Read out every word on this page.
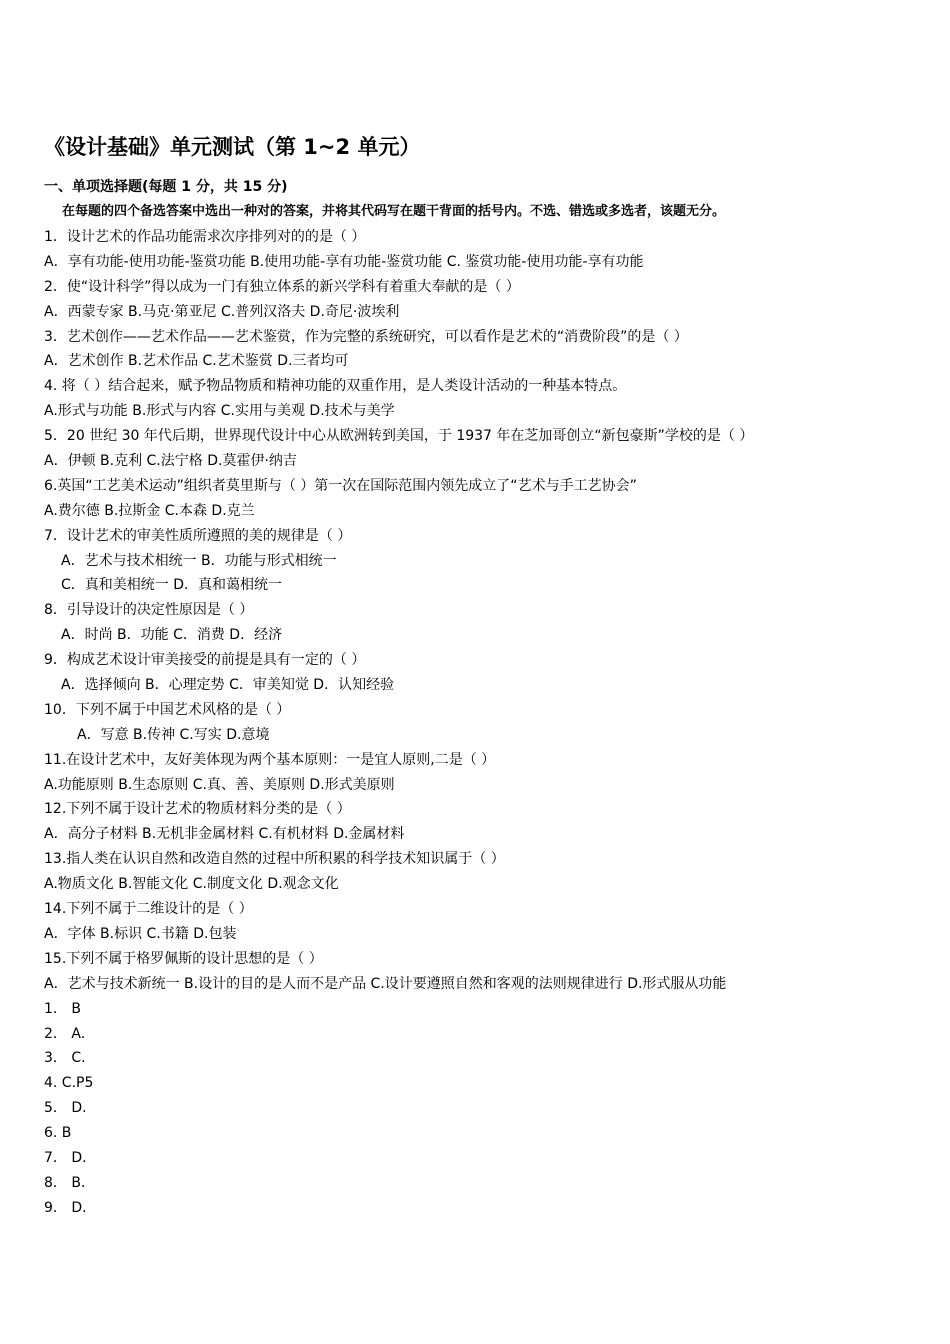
《设计基础》单元测试（第 1~2 单元）
一、单项选择题(每题 1 分，共 15 分)
在每题的四个备选答案中选出一种对的答案，并将其代码写在题干背面的括号内。不选、错选或多选者，该题无分。
1．设计艺术的作品功能需求次序排列对的的是（ ）
A．享有功能-使用功能-鉴赏功能 B.使用功能-享有功能-鉴赏功能 C. 鉴赏功能-使用功能-享有功能
2．使“设计科学”得以成为一门有独立体系的新兴学科有着重大奉献的是（ ）
A．西蒙专家 B.马克·第亚尼 C.普列汉洛夫 D.奇尼·波埃利
3．艺术创作——艺术作品——艺术鉴赏，作为完整的系统研究，可以看作是艺术的“消费阶段”的是（ ）
A．艺术创作 B.艺术作品 C.艺术鉴赏 D.三者均可
4. 将（ ）结合起来，赋予物品物质和精神功能的双重作用，是人类设计活动的一种基本特点。
A.形式与功能 B.形式与内容 C.实用与美观 D.技术与美学
5．20 世纪 30 年代后期，世界现代设计中心从欧洲转到美国，于 1937 年在芝加哥创立“新包豪斯”学校的是（ ）
A．伊顿 B.克利 C.法宁格 D.莫霍伊·纳吉
6.英国“工艺美术运动”组织者莫里斯与（ ）第一次在国际范围内领先成立了“艺术与手工艺协会”
A.费尔德 B.拉斯金 C.本森 D.克兰
7．设计艺术的审美性质所遵照的美的规律是（ ）
A．艺术与技术相统一 B．功能与形式相统一
C．真和美相统一 D．真和蔼相统一
8．引导设计的决定性原因是（ ）
A．时尚 B．功能 C．消费 D．经济
9．构成艺术设计审美接受的前提是具有一定的（ ）
A．选择倾向 B．心理定势 C．审美知觉 D．认知经验
10．下列不属于中国艺术风格的是（ ）
A．写意 B.传神 C.写实 D.意境
11.在设计艺术中，友好美体现为两个基本原则：一是宜人原则,二是（ ）
A.功能原则 B.生态原则 C.真、善、美原则 D.形式美原则
12.下列不属于设计艺术的物质材料分类的是（ ）
A．高分子材料 B.无机非金属材料 C.有机材料 D.金属材料
13.指人类在认识自然和改造自然的过程中所积累的科学技术知识属于（ ）
A.物质文化 B.智能文化 C.制度文化 D.观念文化
14.下列不属于二维设计的是（ ）
A．字体 B.标识 C.书籍 D.包装
15.下列不属于格罗佩斯的设计思想的是（ ）
A．艺术与技术新统一 B.设计的目的是人而不是产品 C.设计要遵照自然和客观的法则规律进行 D.形式服从功能
1． B
2． A．
3． C.
4. C.P5
5． D.
6. B
7． D．
8． B．
9． D．
